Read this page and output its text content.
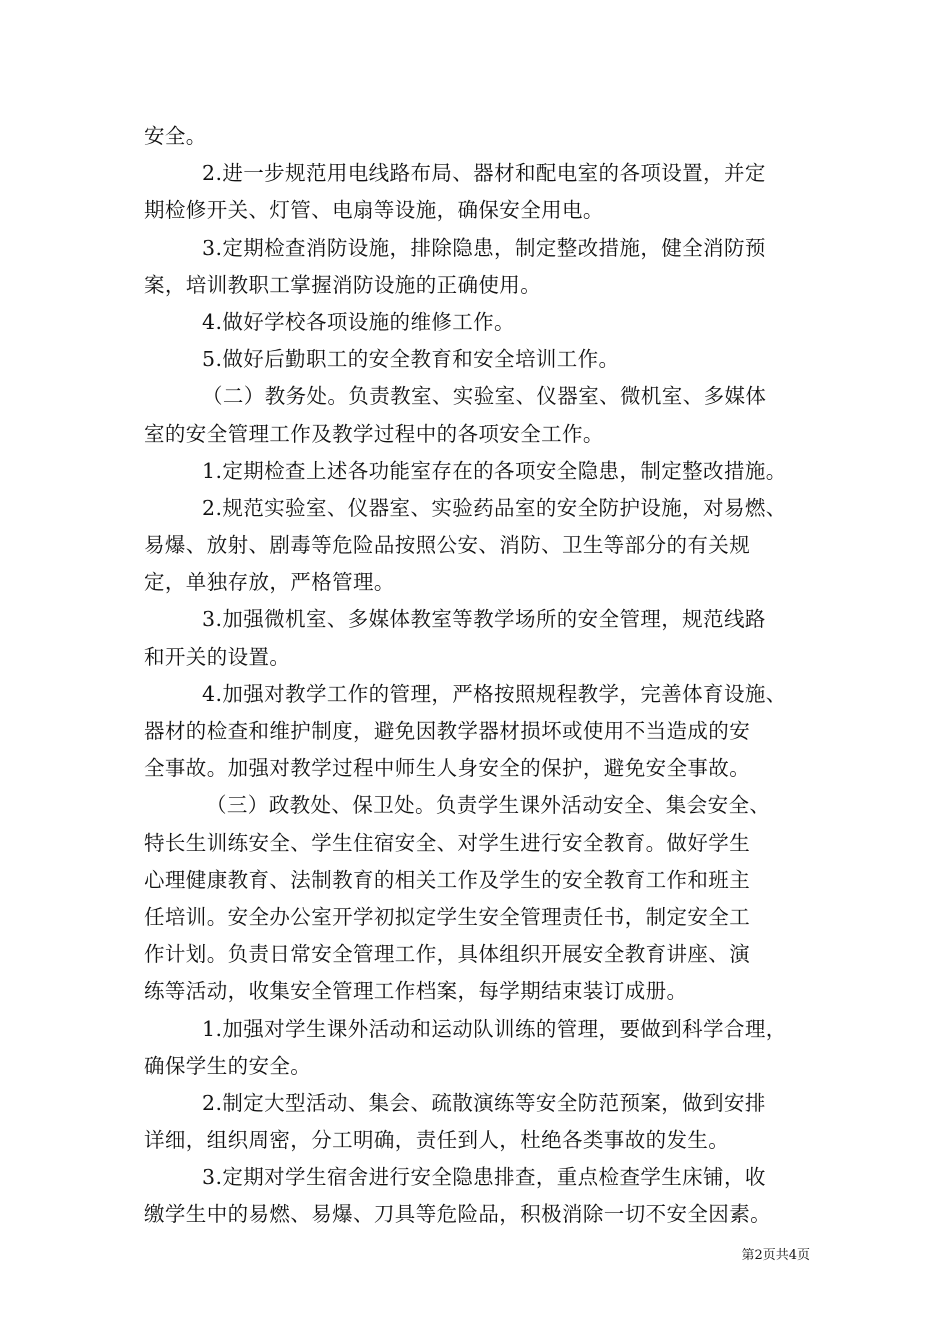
安全。
2.进一步规范用电线路布局、器材和配电室的各项设置，并定
期检修开关、灯管、电扇等设施，确保安全用电。
3.定期检查消防设施，排除隐患，制定整改措施，健全消防预
案，培训教职工掌握消防设施的正确使用。
4.做好学校各项设施的维修工作。
5.做好后勤职工的安全教育和安全培训工作。
（二）教务处。负责教室、实验室、仪器室、微机室、多媒体
室的安全管理工作及教学过程中的各项安全工作。
1.定期检查上述各功能室存在的各项安全隐患，制定整改措施。
2.规范实验室、仪器室、实验药品室的安全防护设施，对易燃、
易爆、放射、剧毒等危险品按照公安、消防、卫生等部分的有关规
定，单独存放，严格管理。
3.加强微机室、多媒体教室等教学场所的安全管理，规范线路
和开关的设置。
4.加强对教学工作的管理，严格按照规程教学，完善体育设施、
器材的检查和维护制度，避免因教学器材损坏或使用不当造成的安
全事故。加强对教学过程中师生人身安全的保护，避免安全事故。
（三）政教处、保卫处。负责学生课外活动安全、集会安全、
特长生训练安全、学生住宿安全、对学生进行安全教育。做好学生
心理健康教育、法制教育的相关工作及学生的安全教育工作和班主
任培训。安全办公室开学初拟定学生安全管理责任书，制定安全工
作计划。负责日常安全管理工作，具体组织开展安全教育讲座、演
练等活动，收集安全管理工作档案，每学期结束装订成册。
1.加强对学生课外活动和运动队训练的管理，要做到科学合理，
确保学生的安全。
2.制定大型活动、集会、疏散演练等安全防范预案，做到安排
详细，组织周密，分工明确，责任到人，杜绝各类事故的发生。
3.定期对学生宿舍进行安全隐患排查，重点检查学生床铺，收
缴学生中的易燃、易爆、刀具等危险品，积极消除一切不安全因素。
第2页共4页
